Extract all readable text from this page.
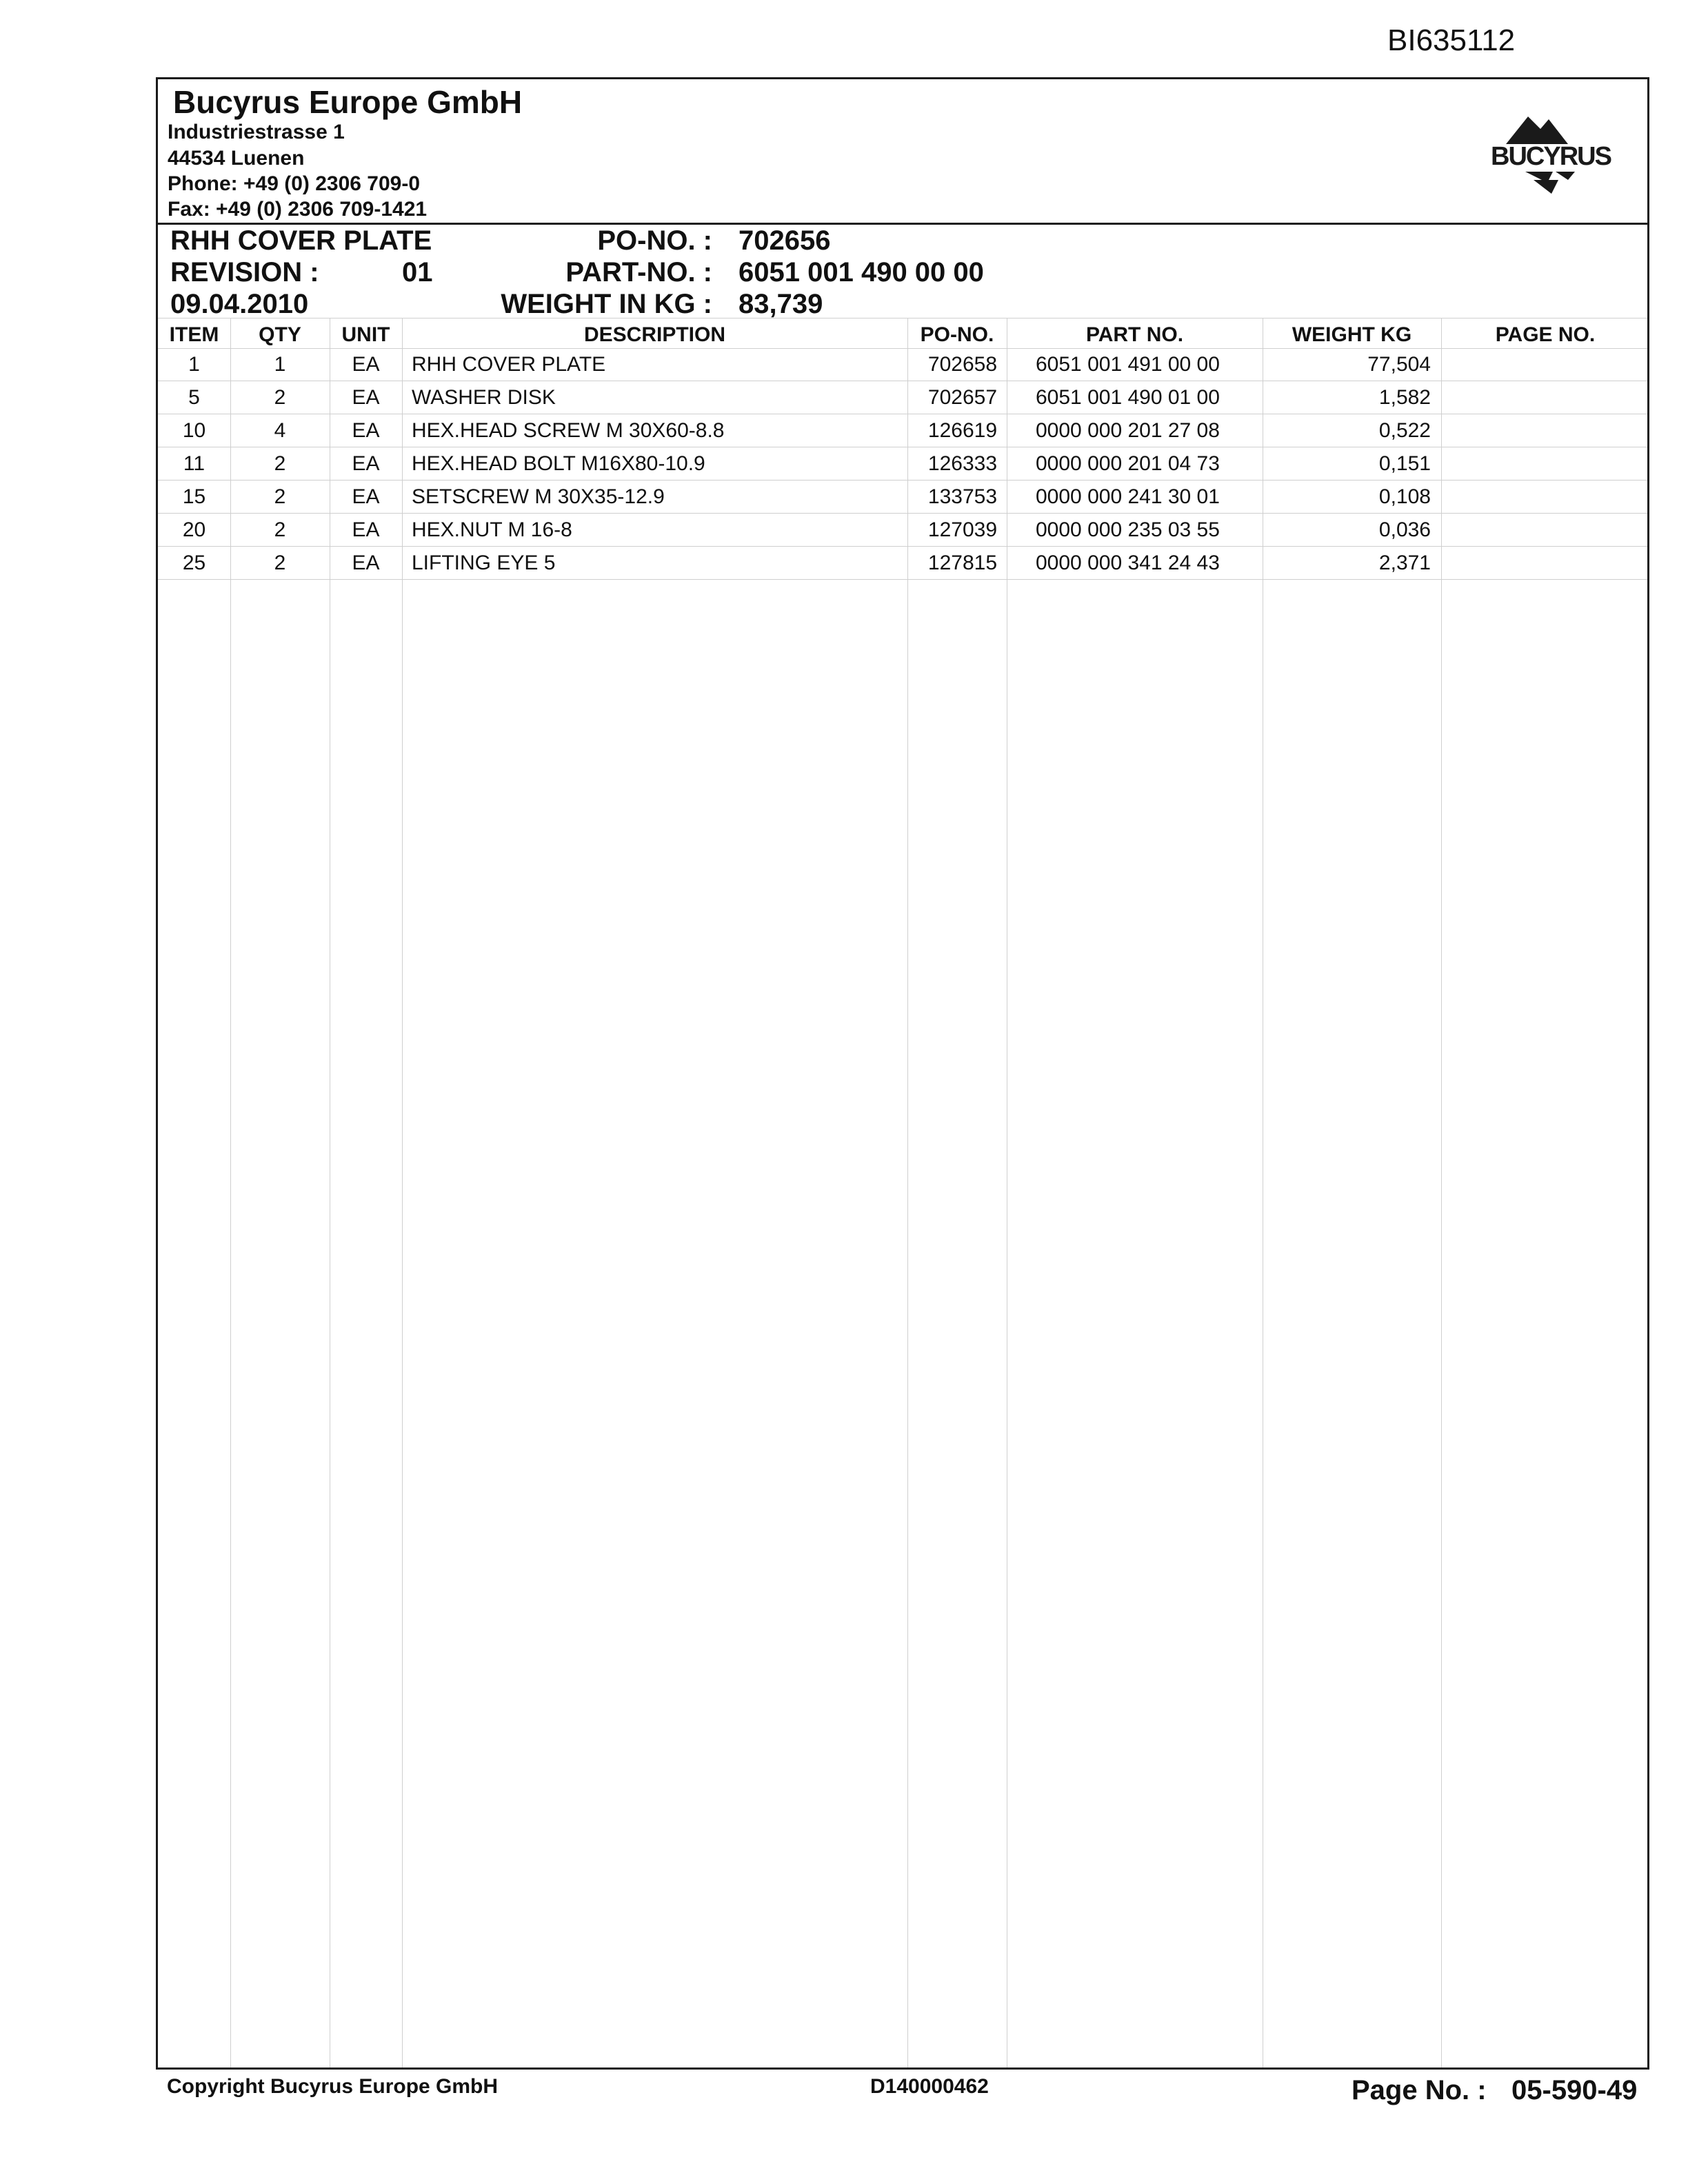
BI635112
Bucyrus Europe GmbH
Industriestrasse 1
44534 Luenen
Phone: +49 (0) 2306 709-0
Fax: +49 (0) 2306 709-1421
BUCYRUS
RHH COVER PLATE
REVISION :	01
09.04.2010
PO-NO. :
PART-NO. :
WEIGHT IN KG :
702656
6051 001 490 00 00
83,739
ITEM	QTY	UNIT	DESCRIPTION	PO-NO.	PART NO.	WEIGHT KG	PAGE NO.
1	1	EA	RHH COVER PLATE	702658 6051 001 491 00 00	77,504
5	2	EA	WASHER DISK	702657 6051 001 490 01 00	1,582
10	4	EA	HEX.HEAD SCREW M 30X60-8.8	126619 0000 000 201 27 08	0,522
11	2	EA	HEX.HEAD BOLT M16X80-10.9	126333 0000 000 201 04 73	0,151
15	2	EA	SETSCREW M 30X35-12.9	133753 0000 000 241 30 01	0,108
20	2	EA	HEX.NUT M 16-8	127039 0000 000 235 03 55	0,036
25	2	EA	LIFTING EYE 5	127815 0000 000 341 24 43	2,371
Copyright Bucyrus Europe GmbH	D140000462	Page No. : 05-590-49
